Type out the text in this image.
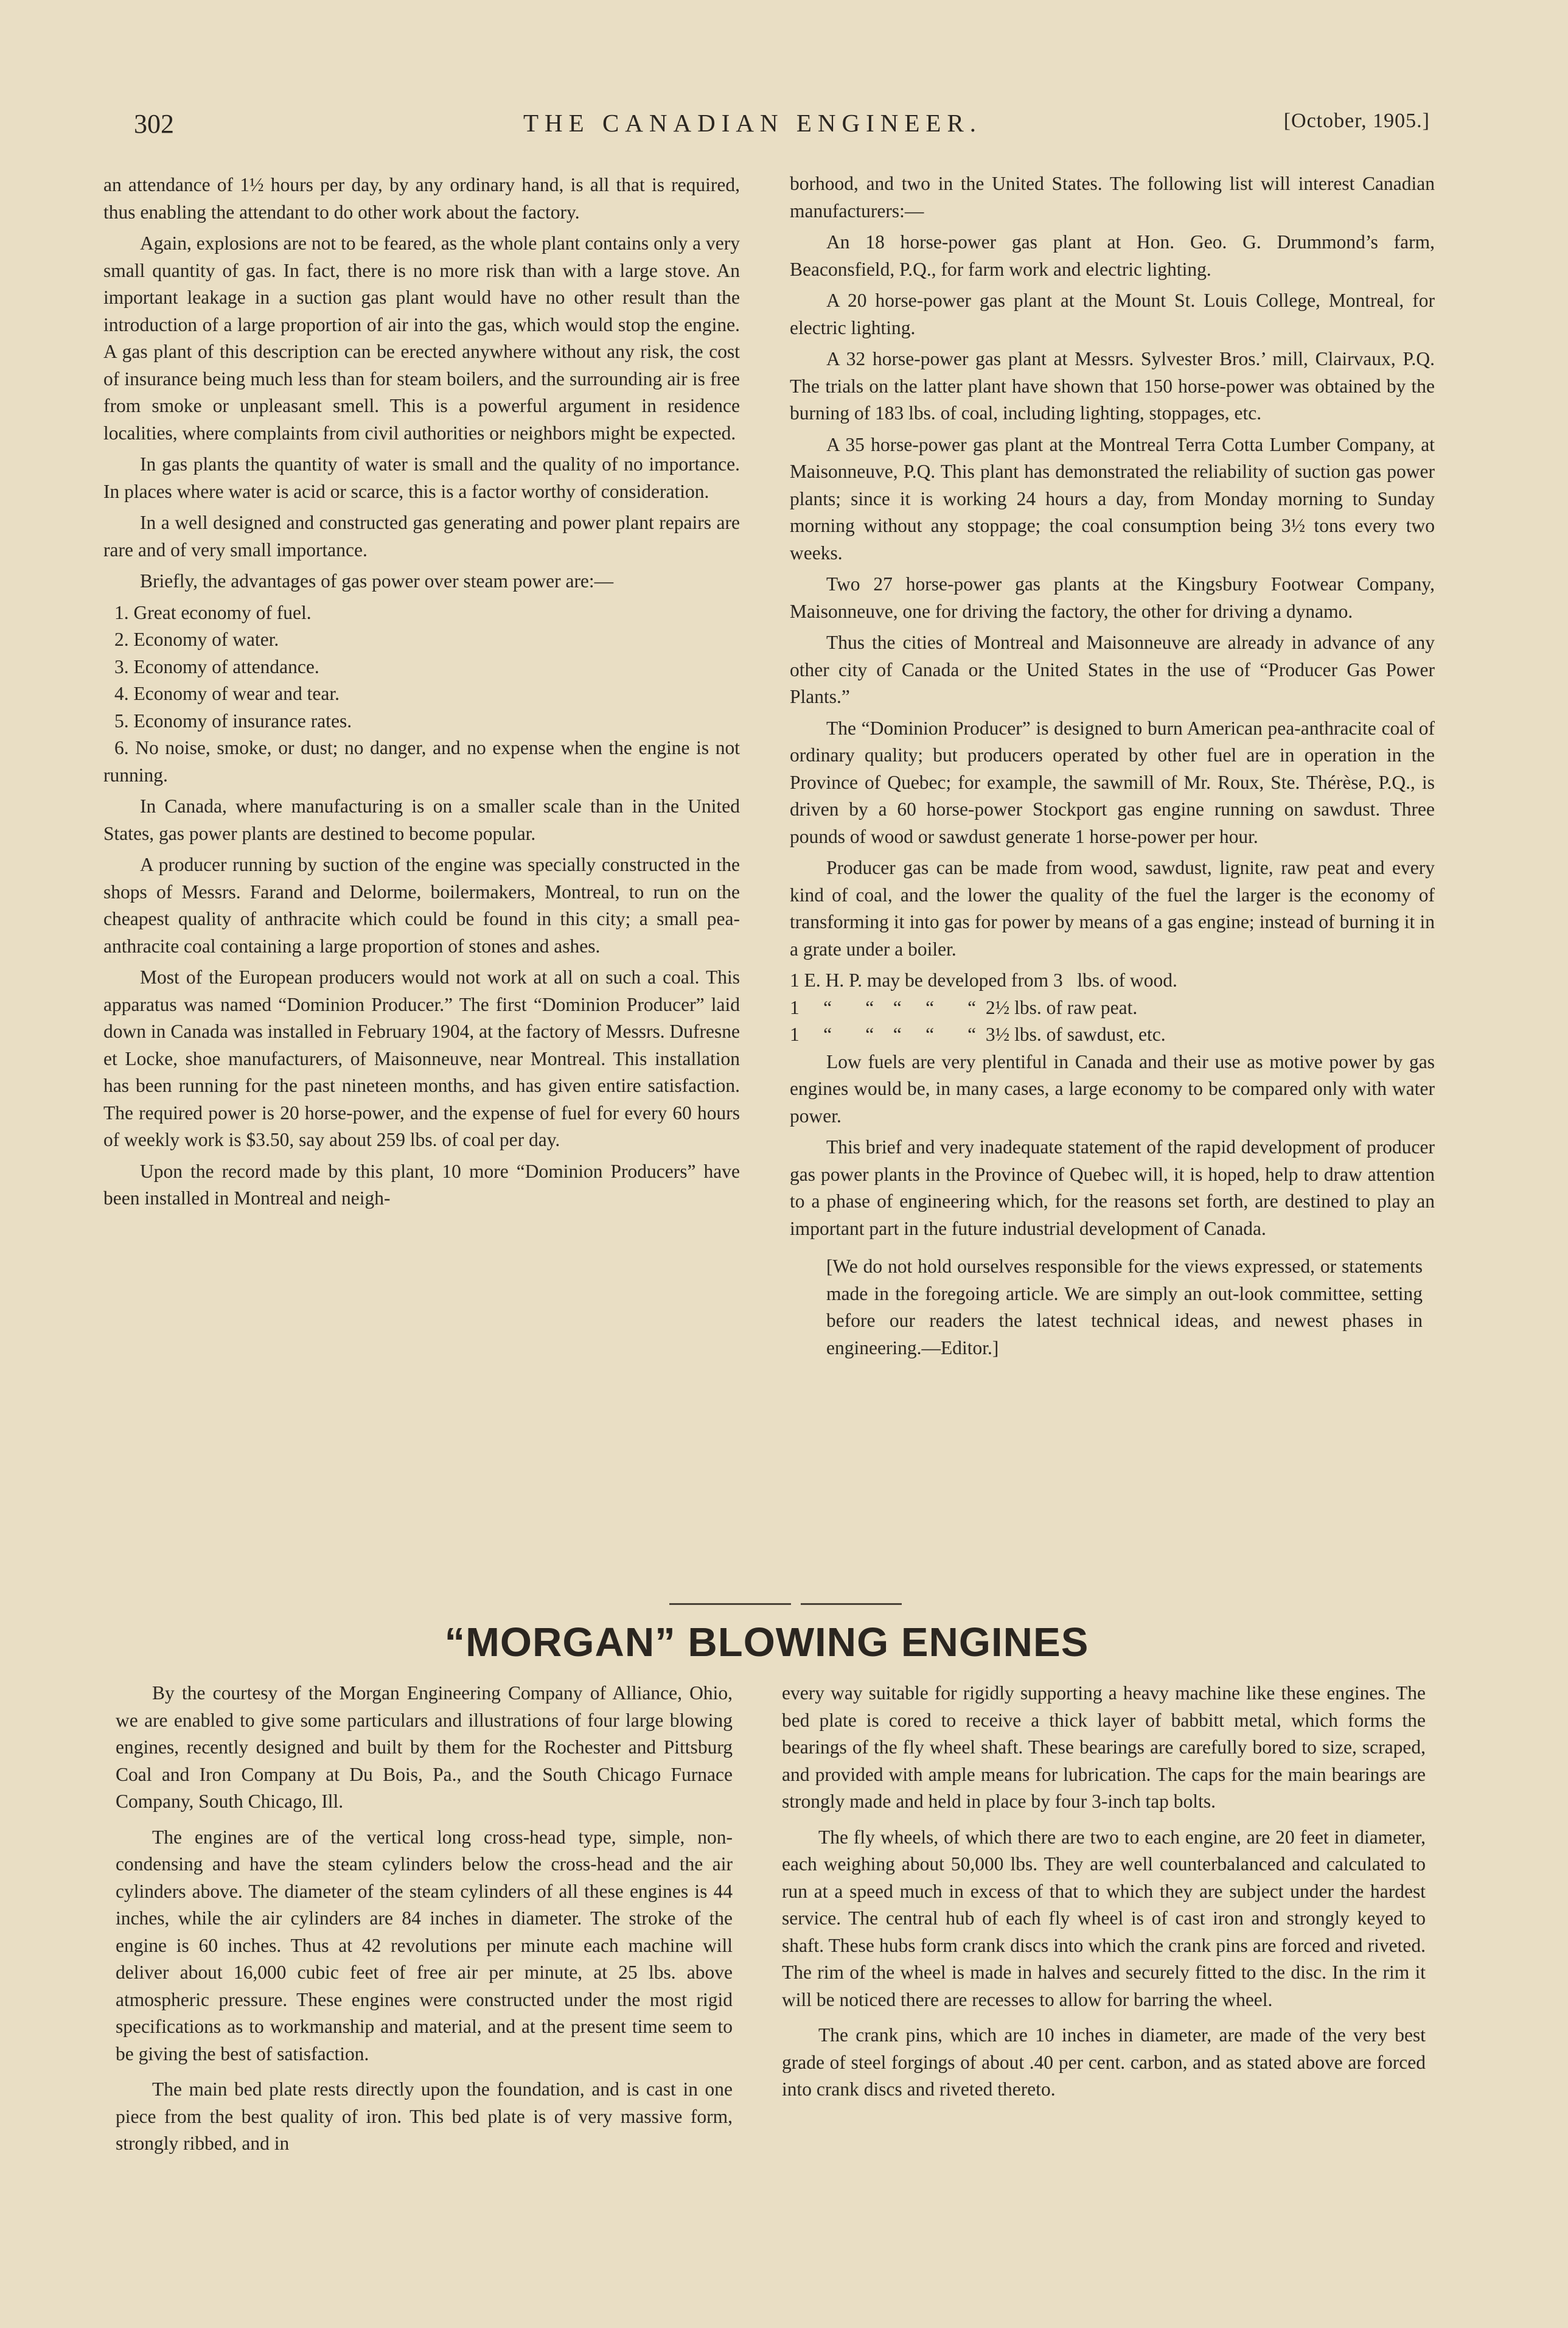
302	THE CANADIAN ENGINEER.	[October, 1905.]

an attendance of 1½ hours per day, by any ordinary hand, is all that is required, thus enabling the attendant to do other work about the factory.

Again, explosions are not to be feared, as the whole plant contains only a very small quantity of gas. In fact, there is no more risk than with a large stove. An important leakage in a suction gas plant would have no other result than the introduction of a large proportion of air into the gas, which would stop the engine. A gas plant of this description can be erected anywhere without any risk, the cost of insurance being much less than for steam boilers, and the surrounding air is free from smoke or unpleasant smell. This is a powerful argument in residence localities, where complaints from civil authorities or neighbors might be expected.

In gas plants the quantity of water is small and the quality of no importance. In places where water is acid or scarce, this is a factor worthy of consideration.

In a well designed and constructed gas generating and power plant repairs are rare and of very small importance.

Briefly, the advantages of gas power over steam power are:—

1. Great economy of fuel.

2. Economy of water.

3. Economy of attendance.

4. Economy of wear and tear.

5. Economy of insurance rates.

6. No noise, smoke, or dust; no danger, and no expense when the engine is not running.

In Canada, where manufacturing is on a smaller scale than in the United States, gas power plants are destined to become popular.

A producer running by suction of the engine was specially constructed in the shops of Messrs. Farand and Delorme, boilermakers, Montreal, to run on the cheapest quality of anthracite which could be found in this city; a small pea-anthracite coal containing a large proportion of stones and ashes.

Most of the European producers would not work at all on such a coal. This apparatus was named “Dominion Producer.” The first “Dominion Producer” laid down in Canada was installed in February 1904, at the factory of Messrs. Dufresne et Locke, shoe manufacturers, of Maisonneuve, near Montreal. This installation has been running for the past nineteen months, and has given entire satisfaction. The required power is 20 horse-power, and the expense of fuel for every 60 hours of weekly work is $3.50, say about 259 lbs. of coal per day.

Upon the record made by this plant, 10 more “Dominion Producers” have been installed in Montreal and neigh-

borhood, and two in the United States. The following list will interest Canadian manufacturers:—

An 18 horse-power gas plant at Hon. Geo. G. Drummond’s farm, Beaconsfield, P.Q., for farm work and electric lighting.

A 20 horse-power gas plant at the Mount St. Louis College, Montreal, for electric lighting.

A 32 horse-power gas plant at Messrs. Sylvester Bros.’ mill, Clairvaux, P.Q. The trials on the latter plant have shown that 150 horse-power was obtained by the burning of 183 lbs. of coal, including lighting, stoppages, etc.

A 35 horse-power gas plant at the Montreal Terra Cotta Lumber Company, at Maisonneuve, P.Q. This plant has demonstrated the reliability of suction gas power plants; since it is working 24 hours a day, from Monday morning to Sunday morning without any stoppage; the coal consumption being 3½ tons every two weeks.

Two 27 horse-power gas plants at the Kingsbury Footwear Company, Maisonneuve, one for driving the factory, the other for driving a dynamo.

Thus the cities of Montreal and Maisonneuve are already in advance of any other city of Canada or the United States in the use of “Producer Gas Power Plants.”

The “Dominion Producer” is designed to burn American pea-anthracite coal of ordinary quality; but producers operated by other fuel are in operation in the Province of Quebec; for example, the sawmill of Mr. Roux, Ste. Thérèse, P.Q., is driven by a 60 horse-power Stockport gas engine running on sawdust. Three pounds of wood or sawdust generate 1 horse-power per hour.

Producer gas can be made from wood, sawdust, lignite, raw peat and every kind of coal, and the lower the quality of the fuel the larger is the economy of transforming it into gas for power by means of a gas engine; instead of burning it in a grate under a boiler.

1 E. H. P. may be developed from 3   lbs. of wood.

1     “       “    “     “       “  2½ lbs. of raw peat.

1     “       “    “     “       “  3½ lbs. of sawdust, etc.

Low fuels are very plentiful in Canada and their use as motive power by gas engines would be, in many cases, a large economy to be compared only with water power.

This brief and very inadequate statement of the rapid development of producer gas power plants in the Province of Quebec will, it is hoped, help to draw attention to a phase of engineering which, for the reasons set forth, are destined to play an important part in the future industrial development of Canada.

[We do not hold ourselves responsible for the views expressed, or statements made in the foregoing article. We are simply an out-look committee, setting before our readers the latest technical ideas, and newest phases in engineering.—Editor.]

“MORGAN” BLOWING ENGINES

By the courtesy of the Morgan Engineering Company of Alliance, Ohio, we are enabled to give some particulars and illustrations of four large blowing engines, recently designed and built by them for the Rochester and Pittsburg Coal and Iron Company at Du Bois, Pa., and the South Chicago Furnace Company, South Chicago, Ill.

The engines are of the vertical long cross-head type, simple, non-condensing and have the steam cylinders below the cross-head and the air cylinders above. The diameter of the steam cylinders of all these engines is 44 inches, while the air cylinders are 84 inches in diameter. The stroke of the engine is 60 inches. Thus at 42 revolutions per minute each machine will deliver about 16,000 cubic feet of free air per minute, at 25 lbs. above atmospheric pressure. These engines were constructed under the most rigid specifications as to workmanship and material, and at the present time seem to be giving the best of satisfaction.

The main bed plate rests directly upon the foundation, and is cast in one piece from the best quality of iron. This bed plate is of very massive form, strongly ribbed, and in

every way suitable for rigidly supporting a heavy machine like these engines. The bed plate is cored to receive a thick layer of babbitt metal, which forms the bearings of the fly wheel shaft. These bearings are carefully bored to size, scraped, and provided with ample means for lubrication. The caps for the main bearings are strongly made and held in place by four 3-inch tap bolts.

The fly wheels, of which there are two to each engine, are 20 feet in diameter, each weighing about 50,000 lbs. They are well counterbalanced and calculated to run at a speed much in excess of that to which they are subject under the hardest service. The central hub of each fly wheel is of cast iron and strongly keyed to shaft. These hubs form crank discs into which the crank pins are forced and riveted. The rim of the wheel is made in halves and securely fitted to the disc. In the rim it will be noticed there are recesses to allow for barring the wheel.

The crank pins, which are 10 inches in diameter, are made of the very best grade of steel forgings of about .40 per cent. carbon, and as stated above are forced into crank discs and riveted thereto.
